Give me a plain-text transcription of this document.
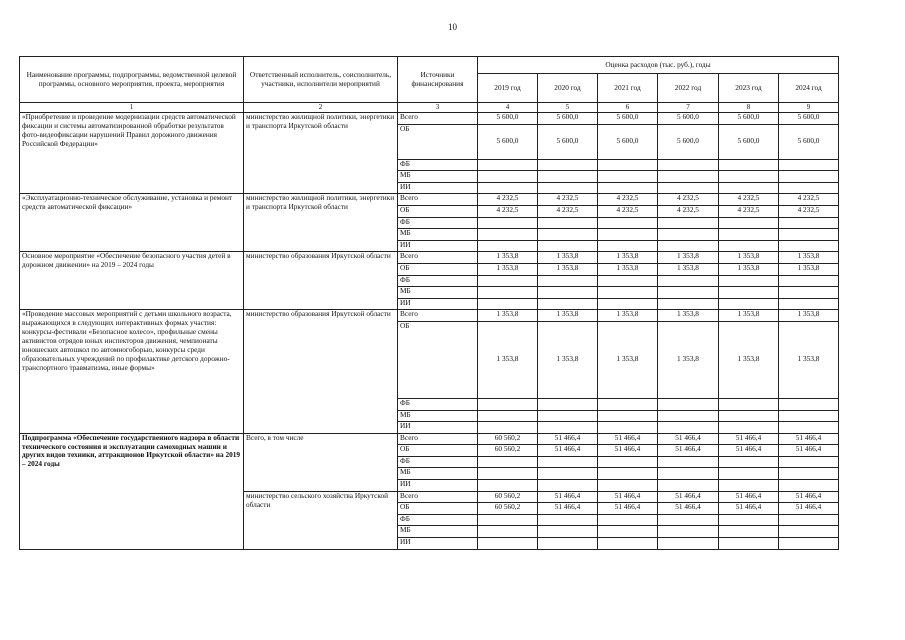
10
Наименование программы, подпрограммы, ведомственной целевой программы, основного мероприятия, проекта, мероприятия	Ответственный исполнитель, соисполнитель, участники, исполнители мероприятий	Источники финансирования	Оценка расходов (тыс. руб.), годы					
			2019 год	2020 год	2021 год	2022 год	2023 год	2024 год
1	2	3	4	5	6	7	8	9
«Приобретение и проведение модернизации средств автоматической фиксации и системы автоматизированной обработки результатов фото-видеофиксации нарушений Правил дорожного движения Российской Федерации»	министерство жилищной политики, энергетики и транспорта Иркутской области	Всего	5 600,0	5 600,0	5 600,0	5 600,0	5 600,0	5 600,0
		ОБ	5 600,0	5 600,0	5 600,0	5 600,0	5 600,0	5 600,0
		ФБ						
		МБ						
		ИИ						
«Эксплуатационно-техническое обслуживание, установка и ремонт средств автоматической фиксации»	министерство жилищной политики, энергетики и транспорта Иркутской области	Всего	4 232,5	4 232,5	4 232,5	4 232,5	4 232,5	4 232,5
		ОБ	4 232,5	4 232,5	4 232,5	4 232,5	4 232,5	4 232,5
		ФБ						
		МБ						
		ИИ						
Основное мероприятие «Обеспечение безопасного участия детей в дорожном движении» на 2019 – 2024 годы	министерство образования Иркутской области	Всего	1 353,8	1 353,8	1 353,8	1 353,8	1 353,8	1 353,8
		ОБ	1 353,8	1 353,8	1 353,8	1 353,8	1 353,8	1 353,8
		ФБ						
		МБ						
		ИИ						
«Проведение массовых мероприятий с детьми школьного возраста, выражающихся в следующих интерактивных формах участия: конкурсы-фестивали «Безопасное колесо», профильные смены активистов отрядов юных инспекторов движения, чемпионаты юношеских автошкол по автомногоборью, конкурсы среди образовательных учреждений по профилактике детского дорожно-транспортного травматизма, иные формы»	министерство образования Иркутской области	Всего	1 353,8	1 353,8	1 353,8	1 353,8	1 353,8	1 353,8
		ОБ	1 353,8	1 353,8	1 353,8	1 353,8	1 353,8	1 353,8
		ФБ						
		МБ						
		ИИ						
Подпрограмма «Обеспечение государственного надзора в области технического состояния и эксплуатации самоходных машин и других видов техники, аттракционов Иркутской области» на 2019 – 2024 годы	Всего, в том числе	Всего	60 560,2	51 466,4	51 466,4	51 466,4	51 466,4	51 466,4
		ОБ	60 560,2	51 466,4	51 466,4	51 466,4	51 466,4	51 466,4
		ФБ						
		МБ						
		ИИ						
	министерство сельского хозяйства Иркутской области	Всего	60 560,2	51 466,4	51 466,4	51 466,4	51 466,4	51 466,4
		ОБ	60 560,2	51 466,4	51 466,4	51 466,4	51 466,4	51 466,4
		ФБ						
		МБ						
		ИИ						
